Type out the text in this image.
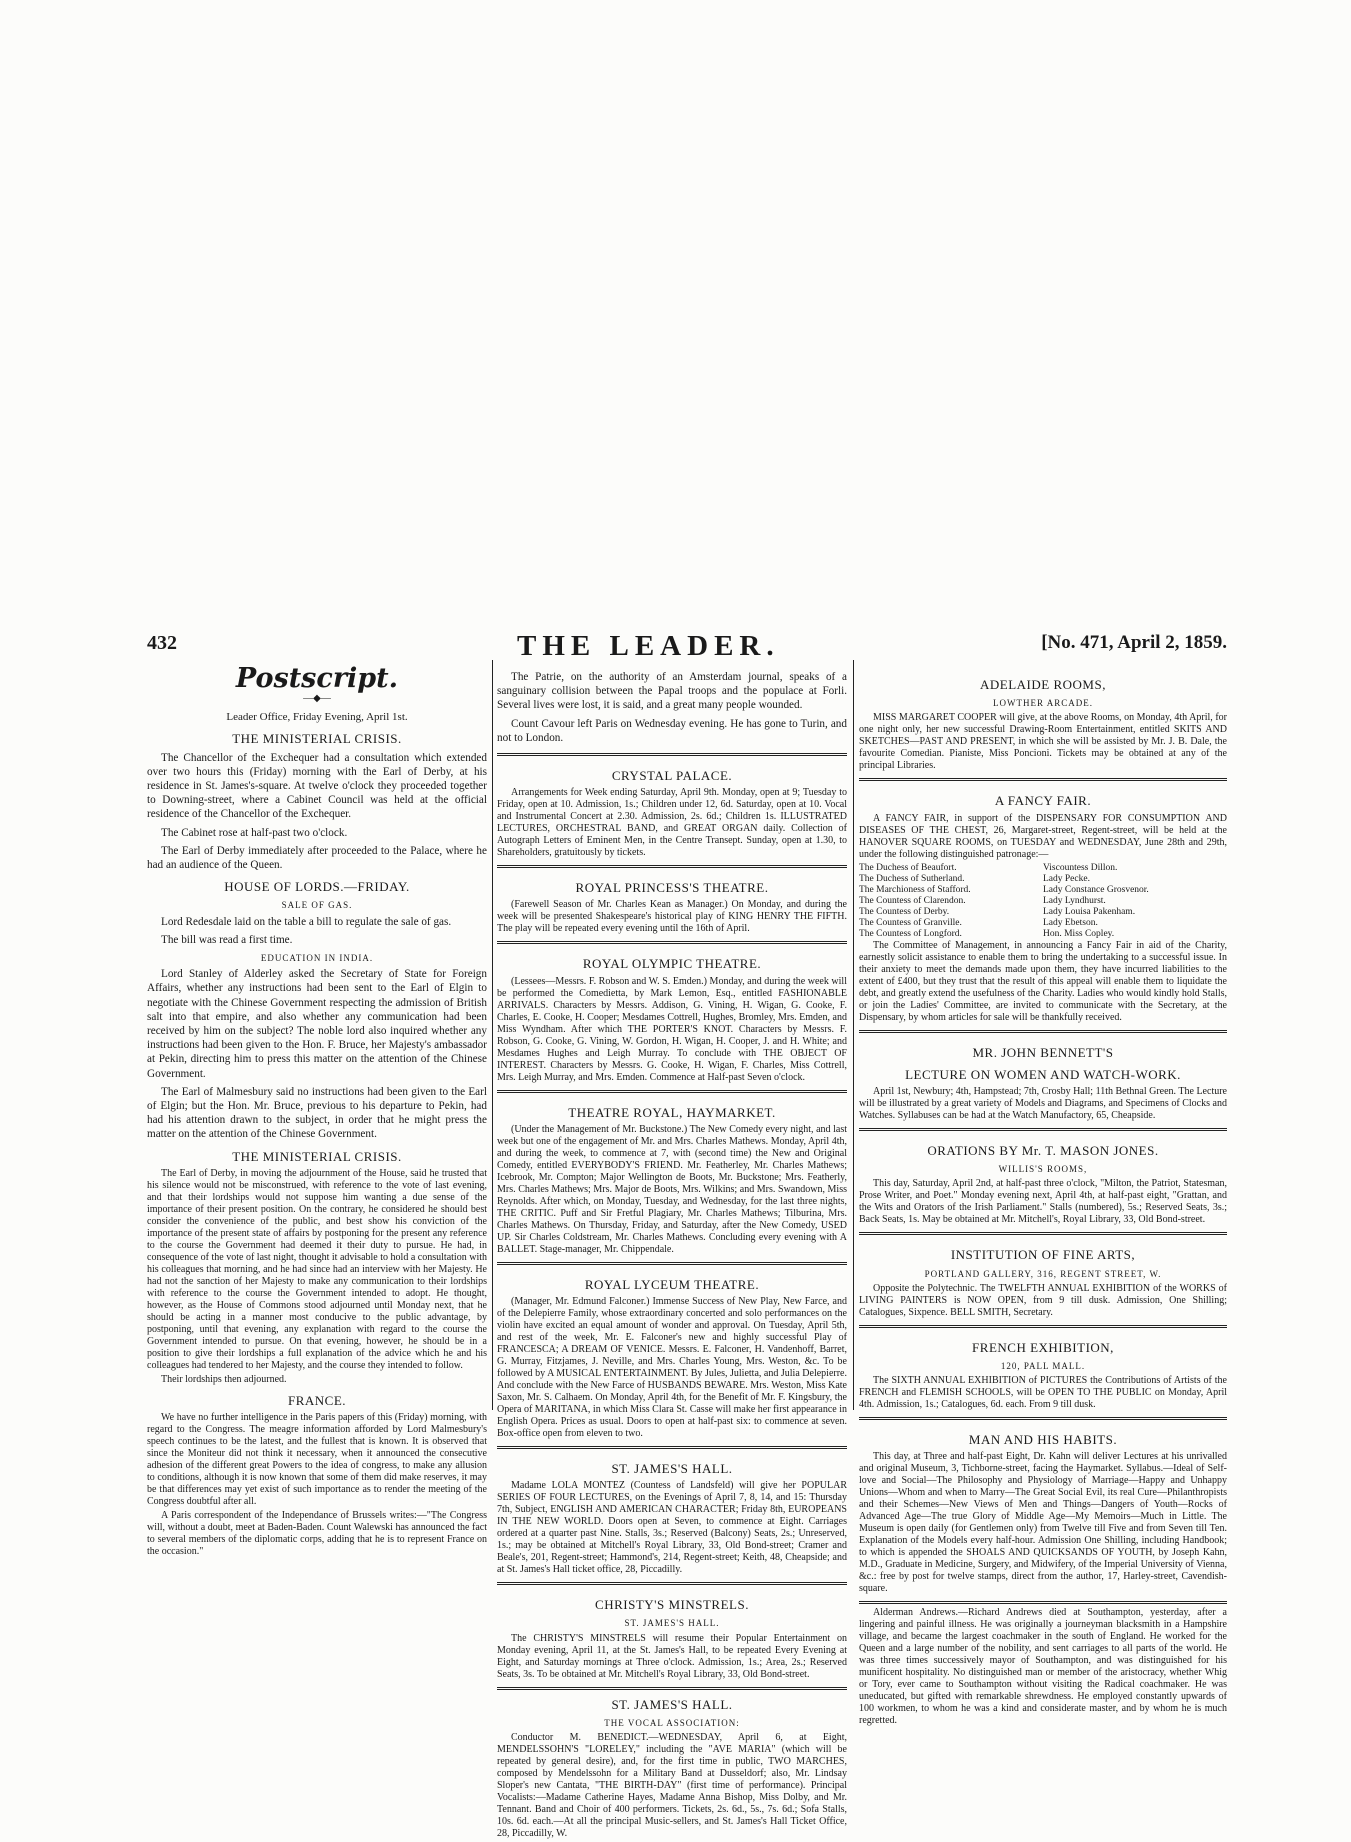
432	THE LEADER.	[No. 471, April 2, 1859.
Postscript.
—◆—
Leader Office, Friday Evening, April 1st.
THE MINISTERIAL CRISIS.

The Chancellor of the Exchequer had a consultation which extended over two hours this (Friday) morning with the Earl of Derby, at his residence in St. James's-square. At twelve o'clock they proceeded together to Downing-street, where a Cabinet Council was held at the official residence of the Chancellor of the Exchequer.

The Cabinet rose at half-past two o'clock.

The Earl of Derby immediately after proceeded to the Palace, where he had an audience of the Queen.

HOUSE OF LORDS.—FRIDAY.
SALE OF GAS.

Lord Redesdale laid on the table a bill to regulate the sale of gas.

The bill was read a first time.

EDUCATION IN INDIA.

Lord Stanley of Alderley asked the Secretary of State for Foreign Affairs, whether any instructions had been sent to the Earl of Elgin to negotiate with the Chinese Government respecting the admission of British salt into that empire, and also whether any communication had been received by him on the subject? The noble lord also inquired whether any instructions had been given to the Hon. F. Bruce, her Majesty's ambassador at Pekin, directing him to press this matter on the attention of the Chinese Government.

The Earl of Malmesbury said no instructions had been given to the Earl of Elgin; but the Hon. Mr. Bruce, previous to his departure to Pekin, had had his attention drawn to the subject, in order that he might press the matter on the attention of the Chinese Government.

THE MINISTERIAL CRISIS.

The Earl of Derby, in moving the adjournment of the House, said he trusted that his silence would not be misconstrued, with reference to the vote of last evening, and that their lordships would not suppose him wanting a due sense of the importance of their present position. On the contrary, he considered he should best consider the convenience of the public, and best show his conviction of the importance of the present state of affairs by postponing for the present any reference to the course the Government had deemed it their duty to pursue. He had, in consequence of the vote of last night, thought it advisable to hold a consultation with his colleagues that morning, and he had since had an interview with her Majesty. He had not the sanction of her Majesty to make any communication to their lordships with reference to the course the Government intended to adopt. He thought, however, as the House of Commons stood adjourned until Monday next, that he should be acting in a manner most conducive to the public advantage, by postponing, until that evening, any explanation with regard to the course the Government intended to pursue. On that evening, however, he should be in a position to give their lordships a full explanation of the advice which he and his colleagues had tendered to her Majesty, and the course they intended to follow.

Their lordships then adjourned.

FRANCE.

We have no further intelligence in the Paris papers of this (Friday) morning, with regard to the Congress. The meagre information afforded by Lord Malmesbury's speech continues to be the latest, and the fullest that is known. It is observed that since the Moniteur did not think it necessary, when it announced the consecutive adhesion of the different great Powers to the idea of congress, to make any allusion to conditions, although it is now known that some of them did make reserves, it may be that differences may yet exist of such importance as to render the meeting of the Congress doubtful after all.

A Paris correspondent of the Independance of Brussels writes:—"The Congress will, without a doubt, meet at Baden-Baden. Count Walewski has announced the fact to several members of the diplomatic corps, adding that he is to represent France on the occasion."

The Patrie, on the authority of an Amsterdam journal, speaks of a sanguinary collision between the Papal troops and the populace at Forli. Several lives were lost, it is said, and a great many people wounded.

Count Cavour left Paris on Wednesday evening. He has gone to Turin, and not to London.

CRYSTAL PALACE.

Arrangements for Week ending Saturday, April 9th. Monday, open at 9; Tuesday to Friday, open at 10. Admission, 1s.; Children under 12, 6d. Saturday, open at 10. Vocal and Instrumental Concert at 2.30. Admission, 2s. 6d.; Children 1s. ILLUSTRATED LECTURES, ORCHESTRAL BAND, and GREAT ORGAN daily. Collection of Autograph Letters of Eminent Men, in the Centre Transept. Sunday, open at 1.30, to Shareholders, gratuitously by tickets.

ROYAL PRINCESS'S THEATRE.

(Farewell Season of Mr. Charles Kean as Manager.) On Monday, and during the week will be presented Shakespeare's historical play of KING HENRY THE FIFTH. The play will be repeated every evening until the 16th of April.

ROYAL OLYMPIC THEATRE.

(Lessees—Messrs. F. Robson and W. S. Emden.) Monday, and during the week will be performed the Comedietta, by Mark Lemon, Esq., entitled FASHIONABLE ARRIVALS. Characters by Messrs. Addison, G. Vining, H. Wigan, G. Cooke, F. Charles, E. Cooke, H. Cooper; Mesdames Cottrell, Hughes, Bromley, Mrs. Emden, and Miss Wyndham. After which THE PORTER'S KNOT. Characters by Messrs. F. Robson, G. Cooke, G. Vining, W. Gordon, H. Wigan, H. Cooper, J. and H. White; and Mesdames Hughes and Leigh Murray. To conclude with THE OBJECT OF INTEREST. Characters by Messrs. G. Cooke, H. Wigan, F. Charles, Miss Cottrell, Mrs. Leigh Murray, and Mrs. Emden. Commence at Half-past Seven o'clock.

THEATRE ROYAL, HAYMARKET.

(Under the Management of Mr. Buckstone.) The New Comedy every night, and last week but one of the engagement of Mr. and Mrs. Charles Mathews. Monday, April 4th, and during the week, to commence at 7, with (second time) the New and Original Comedy, entitled EVERYBODY'S FRIEND. Mr. Featherley, Mr. Charles Mathews; Icebrook, Mr. Compton; Major Wellington de Boots, Mr. Buckstone; Mrs. Featherly, Mrs. Charles Mathews; Mrs. Major de Boots, Mrs. Wilkins; and Mrs. Swandown, Miss Reynolds. After which, on Monday, Tuesday, and Wednesday, for the last three nights, THE CRITIC. Puff and Sir Fretful Plagiary, Mr. Charles Mathews; Tilburina, Mrs. Charles Mathews. On Thursday, Friday, and Saturday, after the New Comedy, USED UP. Sir Charles Coldstream, Mr. Charles Mathews. Concluding every evening with A BALLET. Stage-manager, Mr. Chippendale.

ROYAL LYCEUM THEATRE.

(Manager, Mr. Edmund Falconer.) Immense Success of New Play, New Farce, and of the Delepierre Family, whose extraordinary concerted and solo performances on the violin have excited an equal amount of wonder and approval. On Tuesday, April 5th, and rest of the week, Mr. E. Falconer's new and highly successful Play of FRANCESCA; A DREAM OF VENICE. Messrs. E. Falconer, H. Vandenhoff, Barret, G. Murray, Fitzjames, J. Neville, and Mrs. Charles Young, Mrs. Weston, &c. To be followed by A MUSICAL ENTERTAINMENT. By Jules, Julietta, and Julia Delepierre. And conclude with the New Farce of HUSBANDS BEWARE. Mrs. Weston, Miss Kate Saxon, Mr. S. Calhaem. On Monday, April 4th, for the Benefit of Mr. F. Kingsbury, the Opera of MARITANA, in which Miss Clara St. Casse will make her first appearance in English Opera. Prices as usual. Doors to open at half-past six: to commence at seven. Box-office open from eleven to two.

ST. JAMES'S HALL.

Madame LOLA MONTEZ (Countess of Landsfeld) will give her POPULAR SERIES OF FOUR LECTURES, on the Evenings of April 7, 8, 14, and 15: Thursday 7th, Subject, ENGLISH AND AMERICAN CHARACTER; Friday 8th, EUROPEANS IN THE NEW WORLD. Doors open at Seven, to commence at Eight. Carriages ordered at a quarter past Nine. Stalls, 3s.; Reserved (Balcony) Seats, 2s.; Unreserved, 1s.; may be obtained at Mitchell's Royal Library, 33, Old Bond-street; Cramer and Beale's, 201, Regent-street; Hammond's, 214, Regent-street; Keith, 48, Cheapside; and at St. James's Hall ticket office, 28, Piccadilly.

CHRISTY'S MINSTRELS.
ST. JAMES'S HALL.

The CHRISTY'S MINSTRELS will resume their Popular Entertainment on Monday evening, April 11, at the St. James's Hall, to be repeated Every Evening at Eight, and Saturday mornings at Three o'clock. Admission, 1s.; Area, 2s.; Reserved Seats, 3s. To be obtained at Mr. Mitchell's Royal Library, 33, Old Bond-street.

ST. JAMES'S HALL.
THE VOCAL ASSOCIATION:

Conductor M. BENEDICT.—WEDNESDAY, April 6, at Eight, MENDELSSOHN'S "LORELEY," including the "AVE MARIA" (which will be repeated by general desire), and, for the first time in public, TWO MARCHES, composed by Mendelssohn for a Military Band at Dusseldorf; also, Mr. Lindsay Sloper's new Cantata, "THE BIRTH-DAY" (first time of performance). Principal Vocalists:—Madame Catherine Hayes, Madame Anna Bishop, Miss Dolby, and Mr. Tennant. Band and Choir of 400 performers. Tickets, 2s. 6d., 5s., 7s. 6d.; Sofa Stalls, 10s. 6d. each.—At all the principal Music-sellers, and St. James's Hall Ticket Office, 28, Piccadilly, W.

ADELAIDE ROOMS,
LOWTHER ARCADE.

MISS MARGARET COOPER will give, at the above Rooms, on Monday, 4th April, for one night only, her new successful Drawing-Room Entertainment, entitled SKITS AND SKETCHES—PAST AND PRESENT, in which she will be assisted by Mr. J. B. Dale, the favourite Comedian. Pianiste, Miss Poncioni. Tickets may be obtained at any of the principal Libraries.

A FANCY FAIR.

A FANCY FAIR, in support of the DISPENSARY FOR CONSUMPTION AND DISEASES OF THE CHEST, 26, Margaret-street, Regent-street, will be held at the HANOVER SQUARE ROOMS, on TUESDAY and WEDNESDAY, June 28th and 29th, under the following distinguished patronage:—

The Duchess of Beaufort.
The Duchess of Sutherland.
The Marchioness of Stafford.
The Countess of Clarendon.
The Countess of Derby.
The Countess of Granville.
The Countess of Longford.
Viscountess Dillon.
Lady Pecke.
Lady Constance Grosvenor.
Lady Lyndhurst.
Lady Louisa Pakenham.
Lady Ebetson.
Hon. Miss Copley.

The Committee of Management, in announcing a Fancy Fair in aid of the Charity, earnestly solicit assistance to enable them to bring the undertaking to a successful issue. In their anxiety to meet the demands made upon them, they have incurred liabilities to the extent of £400, but they trust that the result of this appeal will enable them to liquidate the debt, and greatly extend the usefulness of the Charity. Ladies who would kindly hold Stalls, or join the Ladies' Committee, are invited to communicate with the Secretary, at the Dispensary, by whom articles for sale will be thankfully received.

MR. JOHN BENNETT'S
LECTURE ON WOMEN AND WATCH-WORK.

April 1st, Newbury; 4th, Hampstead; 7th, Crosby Hall; 11th Bethnal Green. The Lecture will be illustrated by a great variety of Models and Diagrams, and Specimens of Clocks and Watches. Syllabuses can be had at the Watch Manufactory, 65, Cheapside.

ORATIONS BY Mr. T. MASON JONES.
WILLIS'S ROOMS,

This day, Saturday, April 2nd, at half-past three o'clock, "Milton, the Patriot, Statesman, Prose Writer, and Poet." Monday evening next, April 4th, at half-past eight, "Grattan, and the Wits and Orators of the Irish Parliament." Stalls (numbered), 5s.; Reserved Seats, 3s.; Back Seats, 1s. May be obtained at Mr. Mitchell's, Royal Library, 33, Old Bond-street.

INSTITUTION OF FINE ARTS,
PORTLAND GALLERY, 316, REGENT STREET, W.

Opposite the Polytechnic. The TWELFTH ANNUAL EXHIBITION of the WORKS of LIVING PAINTERS is NOW OPEN, from 9 till dusk. Admission, One Shilling; Catalogues, Sixpence. BELL SMITH, Secretary.

FRENCH EXHIBITION,
120, PALL MALL.

The SIXTH ANNUAL EXHIBITION of PICTURES the Contributions of Artists of the FRENCH and FLEMISH SCHOOLS, will be OPEN TO THE PUBLIC on Monday, April 4th. Admission, 1s.; Catalogues, 6d. each. From 9 till dusk.

MAN AND HIS HABITS.

This day, at Three and half-past Eight, Dr. Kahn will deliver Lectures at his unrivalled and original Museum, 3, Tichborne-street, facing the Haymarket. Syllabus.—Ideal of Self-love and Social—The Philosophy and Physiology of Marriage—Happy and Unhappy Unions—Whom and when to Marry—The Great Social Evil, its real Cure—Philanthropists and their Schemes—New Views of Men and Things—Dangers of Youth—Rocks of Advanced Age—The true Glory of Middle Age—My Memoirs—Much in Little. The Museum is open daily (for Gentlemen only) from Twelve till Five and from Seven till Ten. Explanation of the Models every half-hour. Admission One Shilling, including Handbook; to which is appended the SHOALS AND QUICKSANDS OF YOUTH, by Joseph Kahn, M.D., Graduate in Medicine, Surgery, and Midwifery, of the Imperial University of Vienna, &c.: free by post for twelve stamps, direct from the author, 17, Harley-street, Cavendish-square.

Alderman Andrews.—Richard Andrews died at Southampton, yesterday, after a lingering and painful illness. He was originally a journeyman blacksmith in a Hampshire village, and became the largest coachmaker in the south of England. He worked for the Queen and a large number of the nobility, and sent carriages to all parts of the world. He was three times successively mayor of Southampton, and was distinguished for his munificent hospitality. No distinguished man or member of the aristocracy, whether Whig or Tory, ever came to Southampton without visiting the Radical coachmaker. He was uneducated, but gifted with remarkable shrewdness. He employed constantly upwards of 100 workmen, to whom he was a kind and considerate master, and by whom he is much regretted.
